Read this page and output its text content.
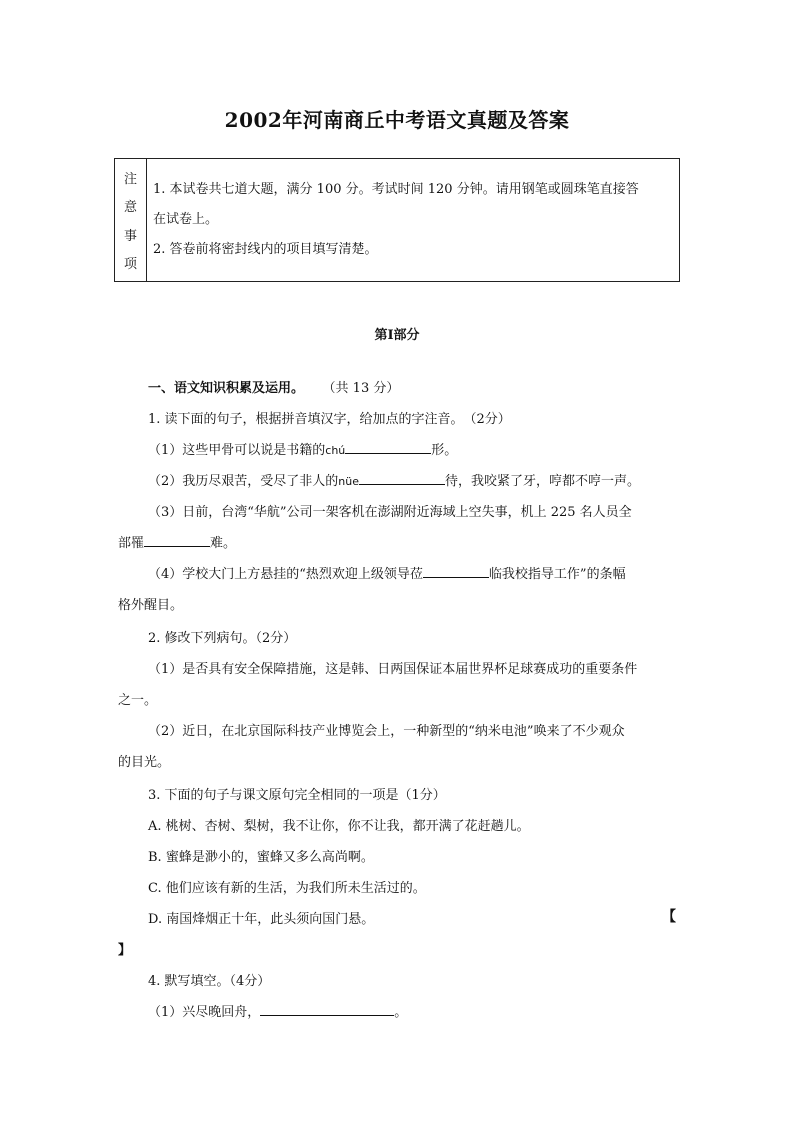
2002年河南商丘中考语文真题及答案
注
意
事
项
1. 本试卷共七道大题，满分 100 分。考试时间 120 分钟。请用钢笔或圆珠笔直接答
在试卷上。
2. 答卷前将密封线内的项目填写清楚。
第Ⅰ部分
一、语文知识积累及运用。 （共 13 分）
1. 读下面的句子，根据拼音填汉字，给加点的字注音。　（2分）
（1）这些甲骨可以说是书籍的chú	形。
（2）我历尽艰苦，受尽了非人的nüe	待，我咬紧了牙，哼都不哼一声。
（3）日前，台湾“华航”公司一架客机在澎湖附近海域上空失事，机上 225 名人员全
部罹	难。
（4）学校大门上方悬挂的“热烈欢迎上级领导莅	临我校指导工作”的条幅
格外醒目。
2. 修改下列病句。（2分）
（1）是否具有安全保障措施，这是韩、日两国保证本届世界杯足球赛成功的重要条件
之一。
（2）近日，在北京国际科技产业博览会上，一种新型的“纳米电池”唤来了不少观众
的目光。
3. 下面的句子与课文原句完全相同的一项是（1分）
A. 桃树、杏树、梨树，我不让你，你不让我，都开满了花赶趟儿。
B. 蜜蜂是渺小的，蜜蜂又多么高尚啊。
C. 他们应该有新的生活，为我们所未生活过的。
D. 南国烽烟正十年，此头须向国门悬。	【
】
4. 默写填空。（4分）
（1）兴尽晚回舟，	。
